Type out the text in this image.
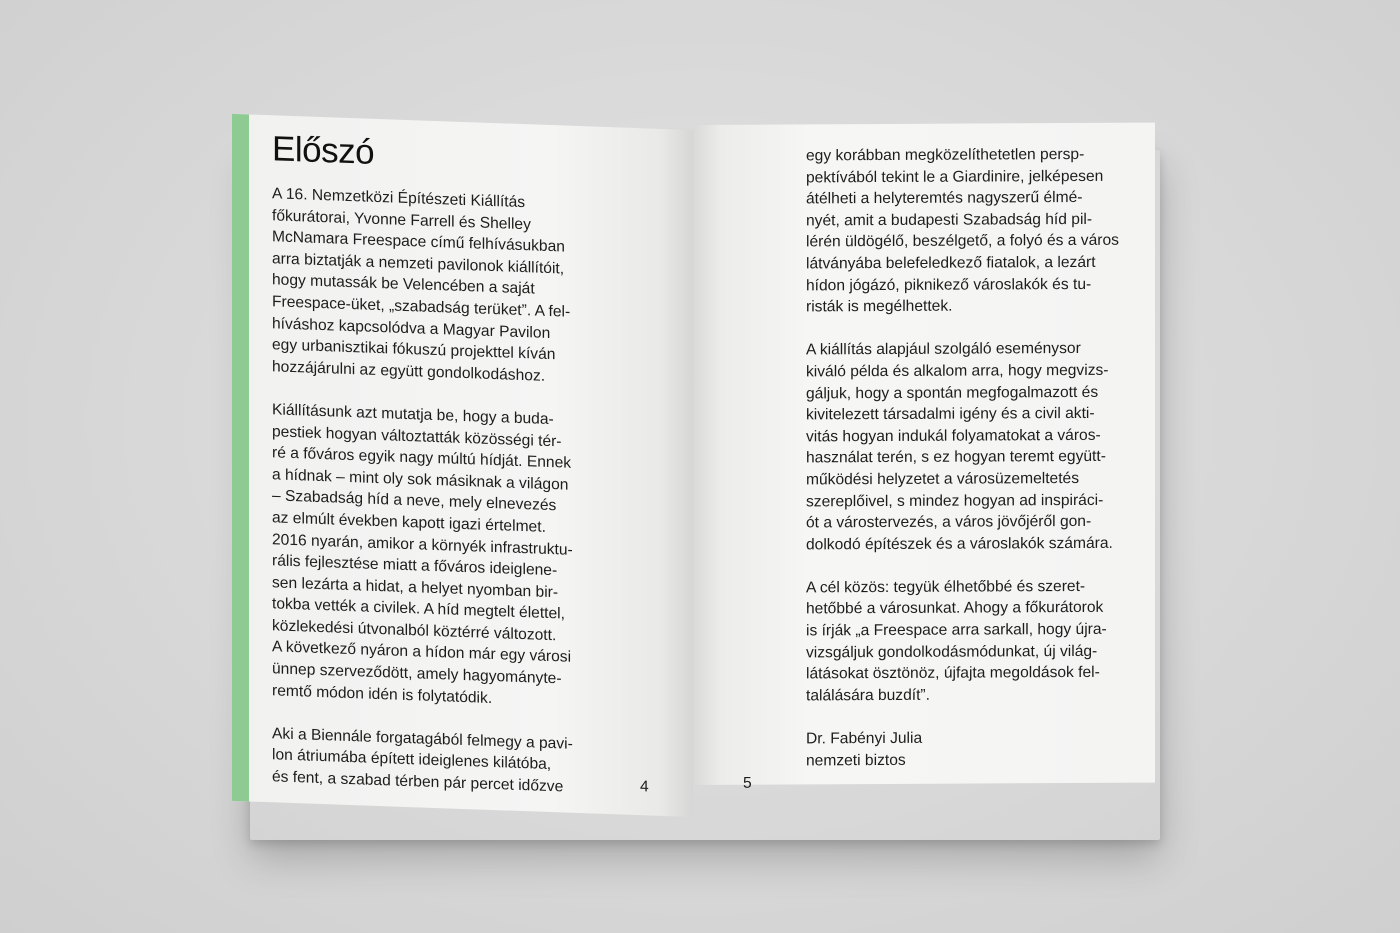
Előszó
A 16. Nemzetközi Építészeti Kiállítás
főkurátorai, Yvonne Farrell és Shelley
McNamara Freespace című felhívásukban
arra biztatják a nemzeti pavilonok kiállítóit,
hogy mutassák be Velencében a saját
Freespace-üket, „szabadság terüket”. A fel-
híváshoz kapcsolódva a Magyar Pavilon
egy urbanisztikai fókuszú projekttel kíván
hozzájárulni az együtt gondolkodáshoz.
Kiállításunk azt mutatja be, hogy a buda-
pestiek hogyan változtatták közösségi tér-
ré a főváros egyik nagy múltú hídját. Ennek
a hídnak – mint oly sok másiknak a világon
– Szabadság híd a neve, mely elnevezés
az elmúlt években kapott igazi értelmet.
2016 nyarán, amikor a környék infrastruktu-
rális fejlesztése miatt a főváros ideiglene-
sen lezárta a hidat, a helyet nyomban bir-
tokba vették a civilek. A híd megtelt élettel,
közlekedési útvonalból köztérré változott.
A következő nyáron a hídon már egy városi
ünnep szerveződött, amely hagyományte-
remtő módon idén is folytatódik.
Aki a Biennále forgatagából felmegy a pavi-
lon átriumába épített ideiglenes kilátóba,
és fent, a szabad térben pár percet időzve	4
egy korábban megközelíthetetlen persp-
pektívából tekint le a Giardinire, jelképesen
átélheti a helyteremtés nagyszerű élmé-
nyét, amit a budapesti Szabadság híd pil-
lérén üldögélő, beszélgető, a folyó és a város
látványába belefeledkező fiatalok, a lezárt
hídon jógázó, piknikező városlakók és tu-
risták is megélhettek.
A kiállítás alapjául szolgáló eseménysor
kiváló példa és alkalom arra, hogy megvizs-
gáljuk, hogy a spontán megfogalmazott és
kivitelezett társadalmi igény és a civil akti-
vitás hogyan indukál folyamatokat a város-
használat terén, s ez hogyan teremt együtt-
működési helyzetet a városüzemeltetés
szereplőivel, s mindez hogyan ad inspiráci-
ót a várostervezés, a város jövőjéről gon-
dolkodó építészek és a városlakók számára.
A cél közös: tegyük élhetőbbé és szeret-
hetőbbé a városunkat. Ahogy a főkurátorok
is írják „a Freespace arra sarkall, hogy újra-
vizsgáljuk gondolkodásmódunkat, új világ-
látásokat ösztönöz, újfajta megoldások fel-
találására buzdít”.
Dr. Fabényi Julia
nemzeti biztos
5
